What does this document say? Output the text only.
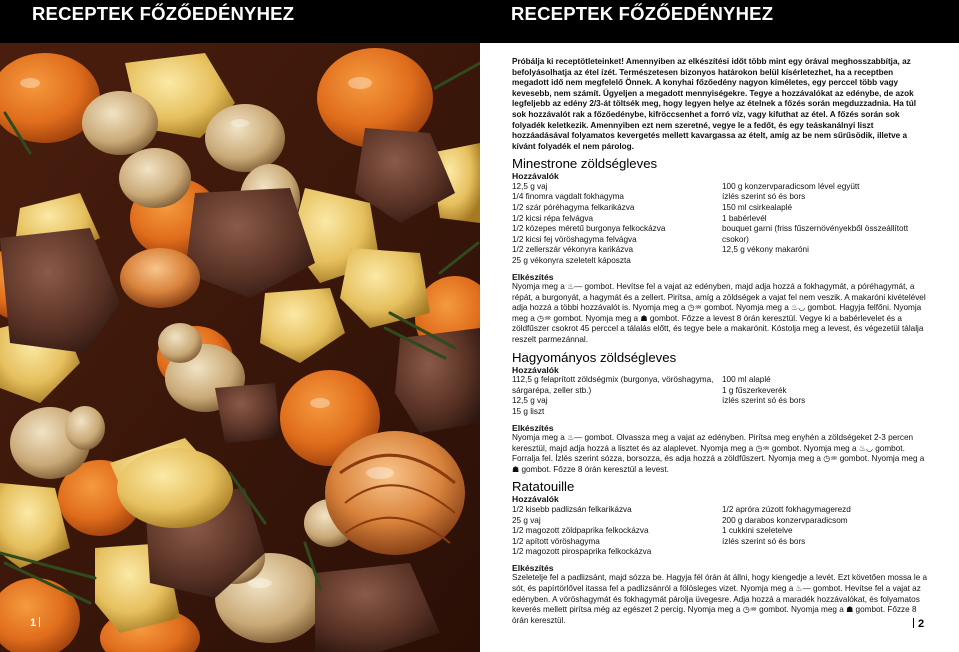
RECEPTEK FŐZŐEDÉNYHEZ	RECEPTEK FŐZŐEDÉNYHEZ
1	2

Próbálja ki receptötleteinket! Amennyiben az elkészítési időt több mint egy órával meghosszabbítja, az befolyásolhatja az étel ízét. Természetesen bizonyos határokon belül kísérletezhet, ha a receptben megadott idő nem megfelelő Önnek. A konyhai főzőedény nagyon kíméletes, egy perccel több vagy kevesebb, nem számít. Ügyeljen a megadott mennyiségekre. Tegye a hozzávalókat az edénybe, de azok legfeljebb az edény 2/3-át töltsék meg, hogy legyen helye az ételnek a főzés során megduzzadnia. Ha túl sok hozzávalót rak a főzőedénybe, kifröccsenhet a forró víz, vagy kifuthat az étel. A főzés során sok folyadék keletkezik. Amennyiben ezt nem szeretné, vegye le a fedőt, és egy teáskanálnyi liszt hozzáadásával folyamatos kevergetés mellett kavargassa az ételt, amíg az be nem sűrűsödik, illetve a kívánt folyadék el nem párolog.

Minestrone zöldségleves
Hozzávalók
12,5 g vaj
1/4 finomra vagdalt fokhagyma
1/2 szár póréhagyma felkarikázva
1/2 kicsi répa felvágva
1/2 közepes méretű burgonya felkockázva
1/2 kicsi fej vöröshagyma felvágva
1/2 zellerszár vékonyra karikázva
25 g vékonyra szeletelt káposzta
100 g konzervparadicsom lével együtt
ízlés szerint só és bors
150 ml csirkealaplé
1 babérlevél
bouquet garni (friss fűszernövényekből összeállított csokor)
12,5 g vékony makaróni
Elkészítés

Nyomja meg a ♨— gombot. Hevítse fel a vajat az edényben, majd adja hozzá a fokhagymát, a póréhagymát, a répát, a burgonyát, a hagymát és a zellert. Pirítsa, amíg a zöldségek a vajat fel nem veszik. A makaróni kivételével adja hozzá a többi hozzávalót is. Nyomja meg a ◷♒ gombot. Nyomja meg a ♨◡ gombot. Hagyja felfőni. Nyomja meg a ◷♒ gombot. Nyomja meg a ☗ gombot. Főzze a levest 8 órán keresztül. Vegye ki a babérlevelet és a zöldfűszer csokrot 45 perccel a tálalás előtt, és tegye bele a makarónit. Kóstolja meg a levest, és végezetül tálalja reszelt parmezánnal.

Hagyományos zöldségleves
Hozzávalók
112,5 g felaprított zöldségmix (burgonya, vöröshagyma, sárgarépa, zeller stb.)
12,5 g vaj
15 g liszt
100 ml alaplé
1 g fűszerkeverék
ízlés szerint só és bors
Elkészítés

Nyomja meg a ♨— gombot. Olvassza meg a vajat az edényben. Pirítsa meg enyhén a zöldségeket 2-3 percen keresztül, majd adja hozzá a lisztet és az alaplevet. Nyomja meg a ◷♒ gombot. Nyomja meg a ♨◡ gombot. Forralja fel. Ízlés szerint sózza, borsozza, és adja hozzá a zöldfűszert. Nyomja meg a ◷♒ gombot. Nyomja meg a ☗ gombot. Főzze 8 órán keresztül a levest.

Ratatouille
Hozzávalók
1/2 kisebb padlizsán felkarikázva
25 g vaj
1/2 magozott zöldpaprika felkockázva
1/2 apított vöröshagyma
1/2 magozott pirospaprika felkockázva
1/2 apróra zúzott fokhagymagerezd
200 g darabos konzervparadicsom
1 cukkini szeletelve
ízlés szerint só és bors
Elkészítés

Szeletelje fel a padlizsánt, majd sózza be. Hagyja fél órán át állni, hogy kiengedje a levét. Ezt követően mossa le a sót, és papírtörlővel itassa fel a padlizsánról a fölösleges vizet. Nyomja meg a ♨— gombot. Hevítse fel a vajat az edényben. A vöröshagymát és fokhagymát párolja üvegesre. Adja hozzá a maradék hozzávalókat, és folyamatos keverés mellett pirítsa még az egészet 2 percig. Nyomja meg a ◷♒ gombot. Nyomja meg a ☗ gombot. Főzze 8 órán keresztül.
